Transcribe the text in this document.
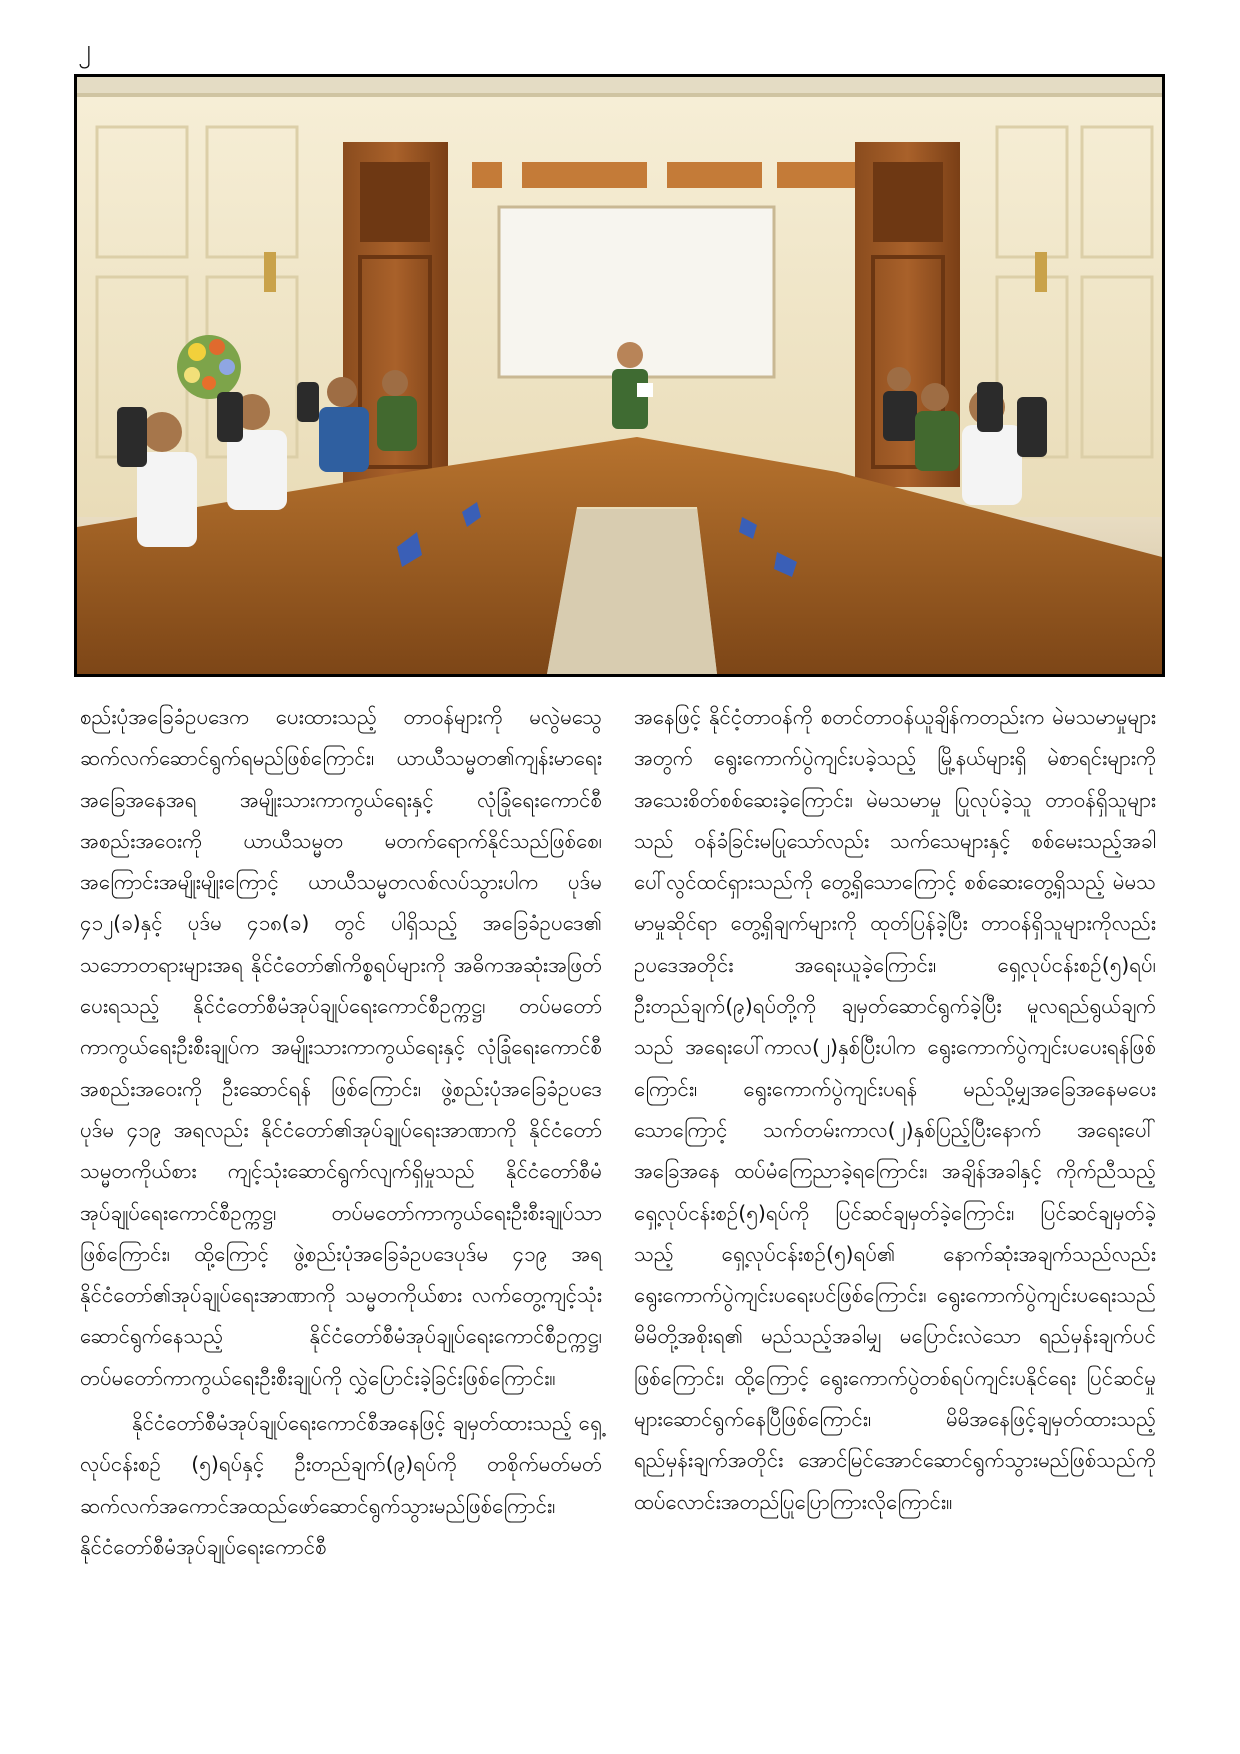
၂

စည်းပုံအခြေခံဥပဒေက ပေးထားသည့် တာဝန်များကို မလွဲမသွေ ဆက်လက်ဆောင်ရွက်ရမည်ဖြစ်ကြောင်း၊ ယာယီသမ္မတ၏ကျန်းမာရေးအခြေအနေအရ အမျိုးသားကာကွယ်ရေးနှင့် လုံခြုံရေးကောင်စီအစည်းအဝေးကို ယာယီသမ္မတ မတက်ရောက်နိုင်သည်ဖြစ်စေ၊ အကြောင်းအမျိုးမျိုးကြောင့် ယာယီသမ္မတလစ်လပ်သွားပါက ပုဒ်မ ၄၁၂(ခ)နှင့် ပုဒ်မ ၄၁၈(ခ) တွင် ပါရှိသည့် အခြေခံဥပဒေ၏ သဘောတရားများအရ နိုင်ငံတော်၏ကိစ္စရပ်များကို အဓိကအဆုံးအဖြတ်ပေးရသည့် နိုင်ငံတော်စီမံအုပ်ချုပ်ရေးကောင်စီဥက္ကဋ္ဌ၊ တပ်မတော်ကာကွယ်ရေးဦးစီးချုပ်က အမျိုးသားကာကွယ်ရေးနှင့် လုံခြုံရေးကောင်စီအစည်းအဝေးကို ဦးဆောင်ရန် ဖြစ်ကြောင်း၊ ဖွဲ့စည်းပုံအခြေခံဥပဒေ ပုဒ်မ ၄၁၉ အရလည်း နိုင်ငံတော်၏အုပ်ချုပ်ရေးအာဏာကို နိုင်ငံတော်သမ္မတကိုယ်စား ကျင့်သုံးဆောင်ရွက်လျက်ရှိမှုသည် နိုင်ငံတော်စီမံအုပ်ချုပ်ရေးကောင်စီဥက္ကဋ္ဌ၊ တပ်မတော်ကာကွယ်ရေးဦးစီးချုပ်သာဖြစ်ကြောင်း၊ ထို့ကြောင့် ဖွဲ့စည်းပုံအခြေခံဥပဒေပုဒ်မ ၄၁၉ အရ နိုင်ငံတော်၏အုပ်ချုပ်ရေးအာဏာကို သမ္မတကိုယ်စား လက်တွေ့ကျင့်သုံးဆောင်ရွက်နေသည့် နိုင်ငံတော်စီမံအုပ်ချုပ်ရေးကောင်စီဥက္ကဋ္ဌ၊ တပ်မတော်ကာကွယ်ရေးဦးစီးချုပ်ကို လွှဲပြောင်းခဲ့ခြင်းဖြစ်ကြောင်း။

နိုင်ငံတော်စီမံအုပ်ချုပ်ရေးကောင်စီအနေဖြင့် ချမှတ်ထားသည့် ရှေ့လုပ်ငန်းစဉ် (၅)ရပ်နှင့် ဦးတည်ချက်(၉)ရပ်ကို တစိုက်မတ်မတ် ဆက်လက်အကောင်အထည်ဖော်ဆောင်ရွက်သွားမည်ဖြစ်ကြောင်း၊ နိုင်ငံတော်စီမံအုပ်ချုပ်ရေးကောင်စီ

အနေဖြင့် နိုင်ငံ့တာဝန်ကို စတင်တာဝန်ယူချိန်ကတည်းက မဲမသမာမှုများအတွက် ရွေးကောက်ပွဲကျင်းပခဲ့သည့် မြို့နယ်များရှိ မဲစာရင်းများကို အသေးစိတ်စစ်ဆေးခဲ့ကြောင်း၊ မဲမသမာမှု ပြုလုပ်ခဲ့သူ တာဝန်ရှိသူများသည် ဝန်ခံခြင်းမပြုသော်လည်း သက်သေများနှင့် စစ်မေးသည့်အခါ ပေါ်လွင်ထင်ရှားသည်ကို တွေ့ရှိသောကြောင့် စစ်ဆေးတွေ့ရှိသည့် မဲမသမာမှုဆိုင်ရာ တွေ့ရှိချက်များကို ထုတ်ပြန်ခဲ့ပြီး တာဝန်ရှိသူများကိုလည်း ဥပဒေအတိုင်း အရေးယူခဲ့ကြောင်း၊ ရှေ့လုပ်ငန်းစဉ်(၅)ရပ်၊ ဦးတည်ချက်(၉)ရပ်တို့ကို ချမှတ်ဆောင်ရွက်ခဲ့ပြီး မူလရည်ရွယ်ချက်သည် အရေးပေါ်ကာလ(၂)နှစ်ပြီးပါက ရွေးကောက်ပွဲကျင်းပပေးရန်ဖြစ်ကြောင်း၊ ရွေးကောက်ပွဲကျင်းပရန် မည်သို့မျှအခြေအနေမပေးသောကြောင့် သက်တမ်းကာလ(၂)နှစ်ပြည့်ပြီးနောက် အရေးပေါ်အခြေအနေ ထပ်မံကြေညာခဲ့ရကြောင်း၊ အချိန်အခါနှင့် ကိုက်ညီသည့် ရှေ့လုပ်ငန်းစဉ်(၅)ရပ်ကို ပြင်ဆင်ချမှတ်ခဲ့ကြောင်း၊ ပြင်ဆင်ချမှတ်ခဲ့သည့် ရှေ့လုပ်ငန်းစဉ်(၅)ရပ်၏ နောက်ဆုံးအချက်သည်လည်း ရွေးကောက်ပွဲကျင်းပရေးပင်ဖြစ်ကြောင်း၊ ရွေးကောက်ပွဲကျင်းပရေးသည် မိမိတို့အစိုးရ၏ မည်သည့်အခါမျှ မပြောင်းလဲသော ရည်မှန်းချက်ပင်ဖြစ်ကြောင်း၊ ထို့ကြောင့် ရွေးကောက်ပွဲတစ်ရပ်ကျင်းပနိုင်ရေး ပြင်ဆင်မှုများဆောင်ရွက်နေပြီဖြစ်ကြောင်း၊ မိမိအနေဖြင့်ချမှတ်ထားသည့် ရည်မှန်းချက်အတိုင်း အောင်မြင်အောင်ဆောင်ရွက်သွားမည်ဖြစ်သည်ကို ထပ်လောင်းအတည်ပြုပြောကြားလိုကြောင်း။
